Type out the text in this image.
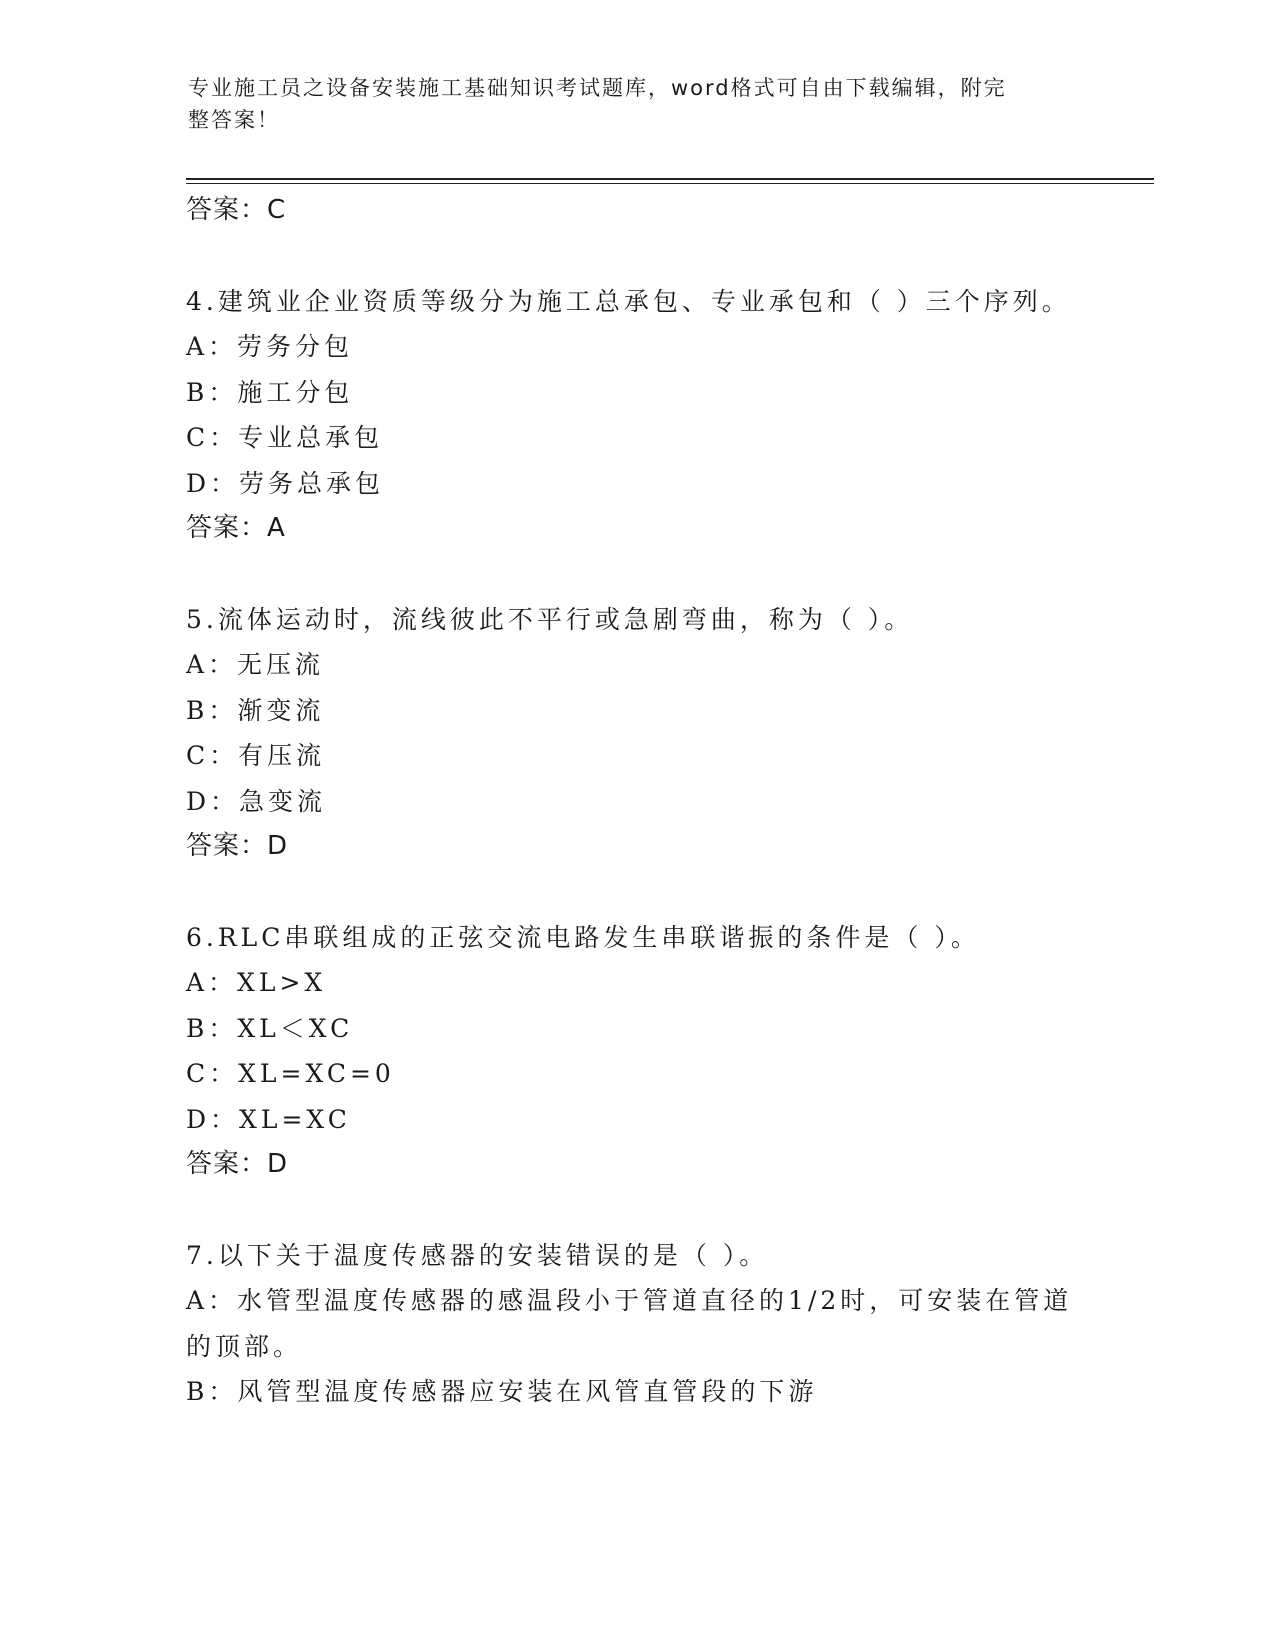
专业施工员之设备安装施工基础知识考试题库，word格式可自由下载编辑，附完
整答案！
答案：C
4.建筑业企业资质等级分为施工总承包、专业承包和（ ）三个序列。
A：劳务分包
B：施工分包
C：专业总承包
D：劳务总承包
答案：A
5.流体运动时，流线彼此不平行或急剧弯曲，称为（ ）。
A：无压流
B：渐变流
C：有压流
D：急变流
答案：D
6.RLC串联组成的正弦交流电路发生串联谐振的条件是（ ）。
A：XL>X
B：XL＜XC
C：XL=XC=0
D：XL=XC
答案：D
7.以下关于温度传感器的安装错误的是（ ）。
A：水管型温度传感器的感温段小于管道直径的1/2时，可安装在管道的顶部。
B：风管型温度传感器应安装在风管直管段的下游
